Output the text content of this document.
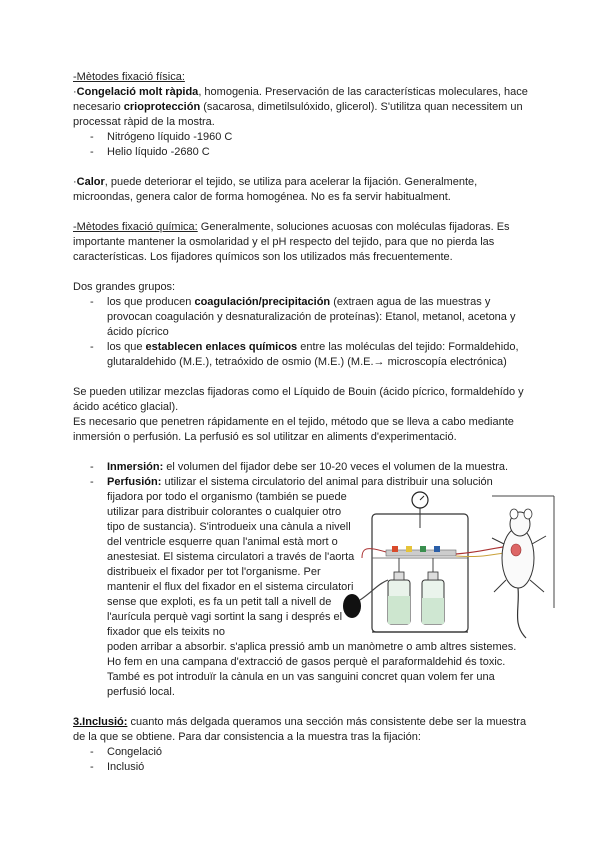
-Mètodes fixació física:

·Congelació molt ràpida, homogenia. Preservación de las características moleculares, hace necesario crioprotección (sacarosa, dimetilsulóxido, glicerol). S'utilitza quan necessitem un processat ràpid de la mostra.

- Nitrógeno líquido -1960 C
- Helio líquido -2680 C

·Calor, puede deteriorar el tejido, se utiliza para acelerar la fijación. Generalmente, microondas, genera calor de forma homogénea. No es fa servir habitualment.

-Mètodes fixació química: Generalmente, soluciones acuosas con moléculas fijadoras. Es importante mantener la osmolaridad y el pH respecto del tejido, para que no pierda las características. Los fijadores químicos son los utilizados más frecuentemente.

Dos grandes grupos:

- los que producen coagulación/precipitación (extraen agua de las muestras y provocan coagulación y desnaturalización de proteínas): Etanol, metanol, acetona y ácido pícrico
- los que establecen enlaces químicos entre las moléculas del tejido: Formaldehido, glutaraldehido (M.E.), tetraóxido de osmio (M.E.) (M.E.→ microscopía electrónica)

Se pueden utilizar mezclas fijadoras como el Líquido de Bouin (ácido pícrico, formaldehído y ácido acético glacial).

Es necesario que penetren rápidamente en el tejido, método que se lleva a cabo mediante inmersión o perfusión. La perfusió es sol utilitzar en aliments d'experimentació.

- Inmersión: el volumen del fijador debe ser 10-20 veces el volumen de la muestra.
- Perfusión: utilizar el sistema circulatorio del animal para distribuir una solución
fijadora por todo el organismo (también se puede utilizar para distribuir colorantes o cualquier otro tipo de sustancia). S'introdueix una cànula a nivell del ventricle esquerre quan l'animal està mort o anestesiat. El sistema circulatori a través de l'aorta distribueix el fixador per tot l'organisme. Per mantenir el flux del fixador en el sistema circulatori sense que exploti, es fa un petit tall a nivell de l'aurícula perquè vagi sortint la sang i després el fixador que els teixits no
poden arribar a absorbir. s'aplica pressió amb un manòmetre o amb altres sistemes. Ho fem en una campana d'extracció de gasos perquè el paraformaldehid és toxic. També es pot introduïr la cànula en un vas sanguini concret quan volem fer una perfusió local.

3.Inclusió: cuanto más delgada queramos una sección más consistente debe ser la muestra de la que se obtiene. Para dar consistencia a la muestra tras la fijación:

- Congelació
- Inclusió
